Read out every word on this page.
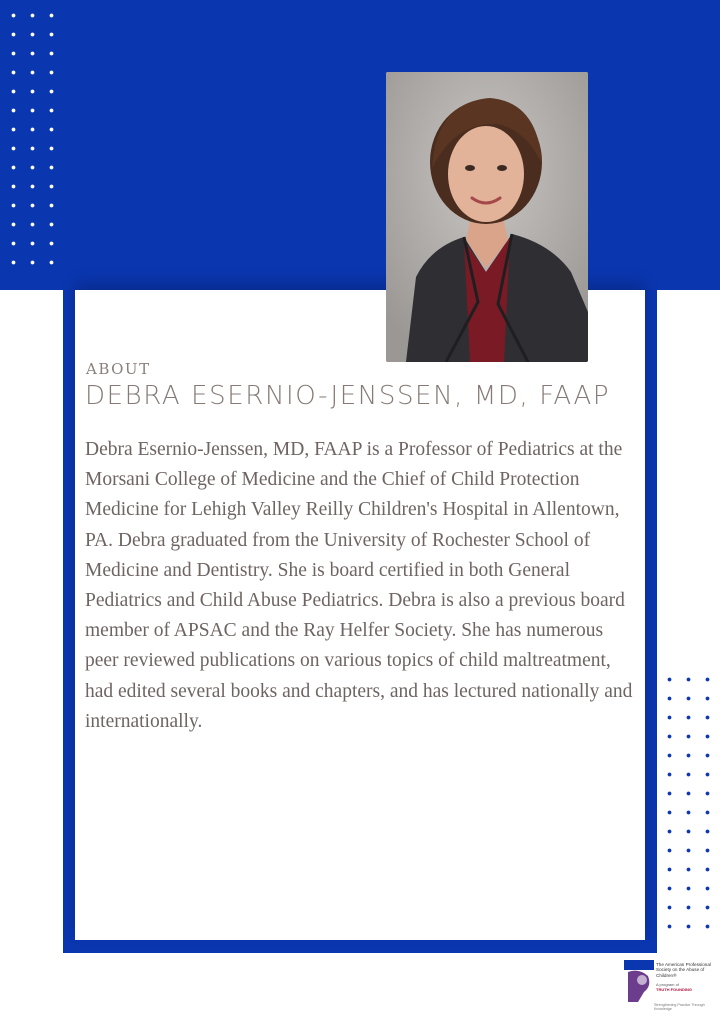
ABOUT

DEBRA ESERNIO-JENSSEN, MD, FAAP

Debra Esernio-Jenssen, MD, FAAP is a Professor of Pediatrics at the Morsani College of Medicine and the Chief of Child Protection Medicine for Lehigh Valley Reilly Children's Hospital in Allentown, PA. Debra graduated from the University of Rochester School of Medicine and Dentistry. She is board certified in both General Pediatrics and Child Abuse Pediatrics. Debra is also a previous board member of APSAC and the Ray Helfer Society. She has numerous peer reviewed publications on various topics of child maltreatment, had edited several books and chapters, and has lectured nationally and internationally.

The American Professional Society on the Abuse of Children®
A program of
TRUTH FOUNDING
Strengthening Practice Through Knowledge
